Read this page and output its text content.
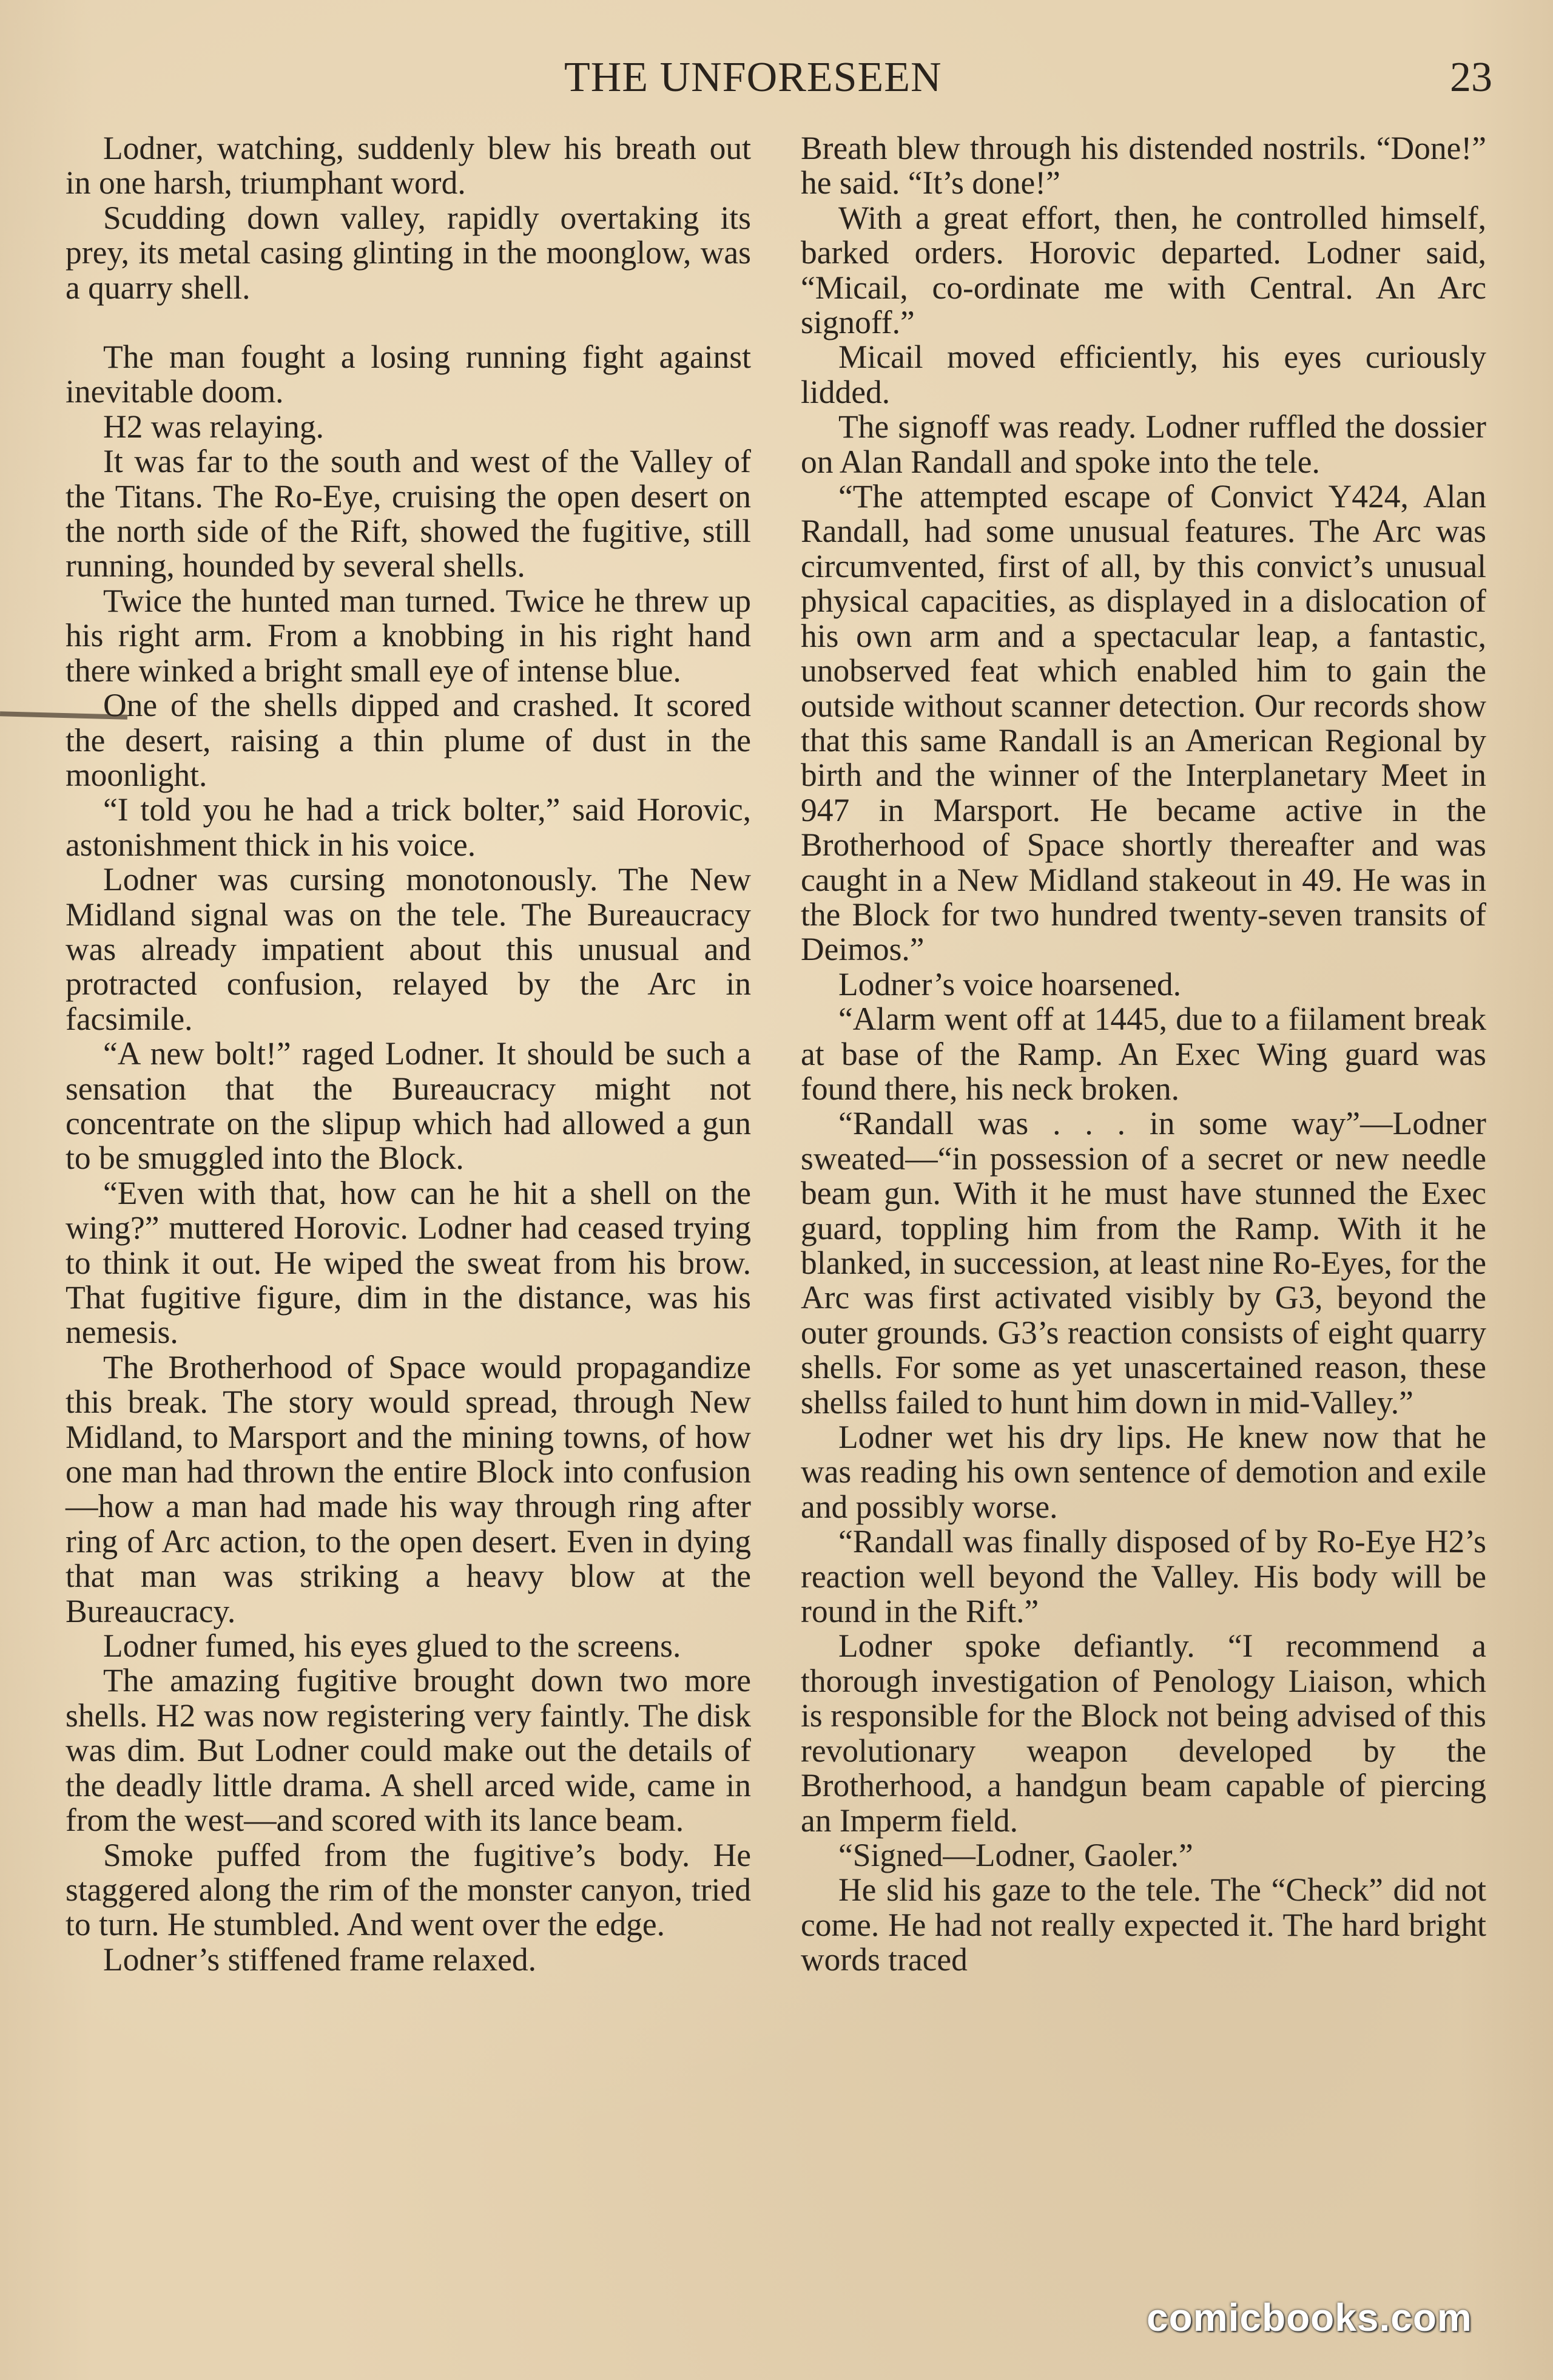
THE UNFORESEEN	23

Lodner, watching, suddenly blew his breath out in one harsh, triumphant word.

Scudding down valley, rapidly overtaking its prey, its metal casing glinting in the moonglow, was a quarry shell.

The man fought a losing running fight against inevitable doom.

H2 was relaying.

It was far to the south and west of the Valley of the Titans. The Ro-Eye, cruising the open desert on the north side of the Rift, showed the fugitive, still running, hounded by several shells.

Twice the hunted man turned. Twice he threw up his right arm. From a knobbing in his right hand there winked a bright small eye of intense blue.

One of the shells dipped and crashed. It scored the desert, raising a thin plume of dust in the moonlight.

“I told you he had a trick bolter,” said Horovic, astonishment thick in his voice.

Lodner was cursing monotonously. The New Midland signal was on the tele. The Bureaucracy was already impatient about this unusual and protracted confusion, relayed by the Arc in facsimile.

“A new bolt!” raged Lodner. It should be such a sensation that the Bureaucracy might not concentrate on the slipup which had allowed a gun to be smuggled into the Block.

“Even with that, how can he hit a shell on the wing?” muttered Horovic. Lodner had ceased trying to think it out. He wiped the sweat from his brow. That fugitive figure, dim in the distance, was his nemesis.

The Brotherhood of Space would propagandize this break. The story would spread, through New Midland, to Marsport and the mining towns, of how one man had thrown the entire Block into confusion—how a man had made his way through ring after ring of Arc action, to the open desert. Even in dying that man was striking a heavy blow at the Bureaucracy.

Lodner fumed, his eyes glued to the screens.

The amazing fugitive brought down two more shells. H2 was now registering very faintly. The disk was dim. But Lodner could make out the details of the deadly little drama. A shell arced wide, came in from the west—and scored with its lance beam.

Smoke puffed from the fugitive’s body. He staggered along the rim of the monster canyon, tried to turn. He stumbled. And went over the edge.

Lodner’s stiffened frame relaxed.

Breath blew through his distended nostrils. “Done!” he said. “It’s done!”

With a great effort, then, he controlled himself, barked orders. Horovic departed. Lodner said, “Micail, co-ordinate me with Central. An Arc signoff.”

Micail moved efficiently, his eyes curiously lidded.

The signoff was ready. Lodner ruffled the dossier on Alan Randall and spoke into the tele.

“The attempted escape of Convict Y424, Alan Randall, had some unusual features. The Arc was circumvented, first of all, by this convict’s unusual physical capacities, as displayed in a dislocation of his own arm and a spectacular leap, a fantastic, unobserved feat which enabled him to gain the outside without scanner detection. Our records show that this same Randall is an American Regional by birth and the winner of the Interplanetary Meet in 947 in Marsport. He became active in the Brotherhood of Space shortly thereafter and was caught in a New Midland stakeout in 49. He was in the Block for two hundred twenty-seven transits of Deimos.”

Lodner’s voice hoarsened.

“Alarm went off at 1445, due to a fiilament break at base of the Ramp. An Exec Wing guard was found there, his neck broken.

“Randall was . . . in some way”—Lodner sweated—“in possession of a secret or new needle beam gun. With it he must have stunned the Exec guard, toppling him from the Ramp. With it he blanked, in succession, at least nine Ro-Eyes, for the Arc was first activated visibly by G3, beyond the outer grounds. G3’s reaction consists of eight quarry shells. For some as yet unascertained reason, these shellss failed to hunt him down in mid-Valley.”

Lodner wet his dry lips. He knew now that he was reading his own sentence of demotion and exile and possibly worse.

“Randall was finally disposed of by Ro-Eye H2’s reaction well beyond the Valley. His body will be round in the Rift.”

Lodner spoke defiantly. “I recommend a thorough investigation of Penology Liaison, which is responsible for the Block not being advised of this revolutionary weapon developed by the Brotherhood, a handgun beam capable of piercing an Imperm field.

“Signed—Lodner, Gaoler.”

He slid his gaze to the tele. The “Check” did not come. He had not really expected it. The hard bright words traced

comicbooks.com
